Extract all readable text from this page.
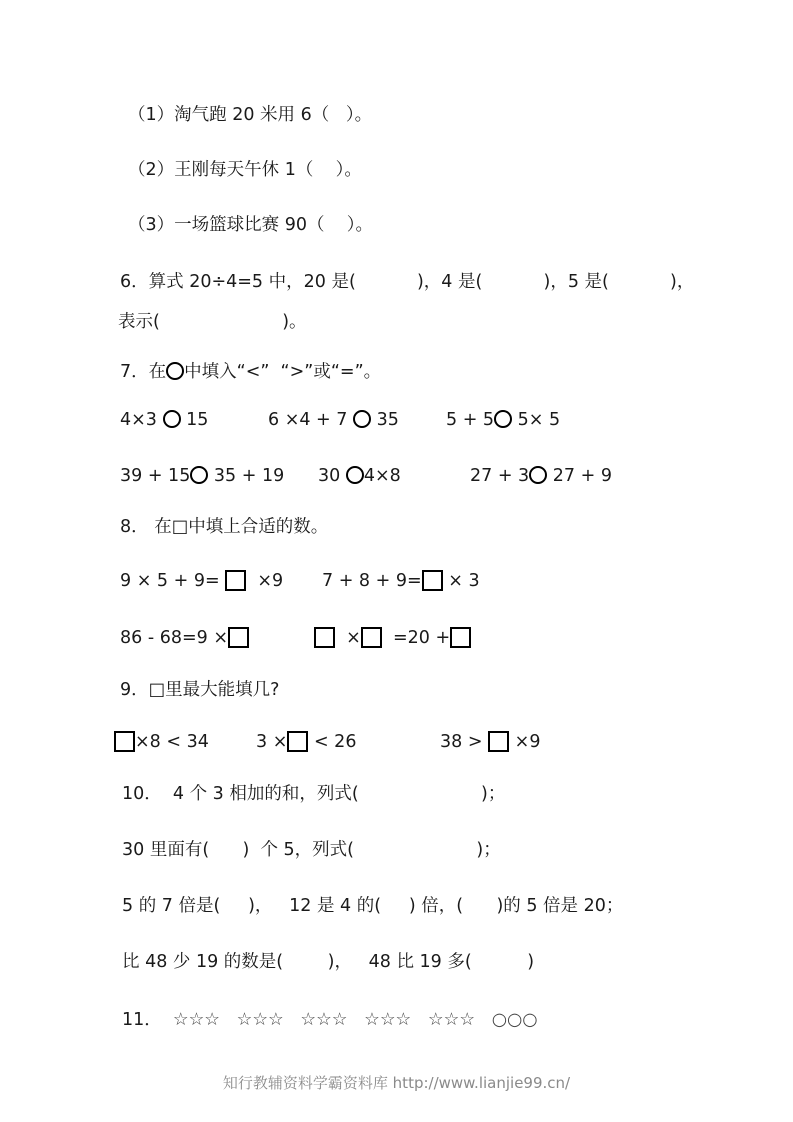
（1）淘气跑 20 米用 6（   ）。
（2）王刚每天午休 1（    ）。
（3）一场篮球比赛 90（    ）。
6．算式 20÷4=5 中，20 是(           )，4 是(           )，5 是(           )，
表示(                      )。
7．在 中填入“<”  “>”或“=”。
4×3 15	6 ×4 + 7 35	5 + 5 5× 5
39 + 15 35 + 19 30 4×8	27 + 3 27 + 9
8． 在□中填上合适的数。
9 × 5 + 9= ×9 7 + 8 + 9= × 3
86 - 68=9 ×	× =20 +
9．□里最大能填几?
×8 < 34	3 × < 26	38 > ×9
10．  4 个 3 相加的和，列式(                      )；
30 里面有(      )  个 5，列式(                      )；
5 的 7 倍是(     )，   12 是 4 的(     ) 倍，(      )的 5 倍是 20；
比 48 少 19 的数是(        )，   48 比 19 多(          )
11． ☆☆☆   ☆☆☆   ☆☆☆   ☆☆☆   ☆☆☆   ○○○
知行教辅资料学霸资料库 http://www.lianjie99.cn/
